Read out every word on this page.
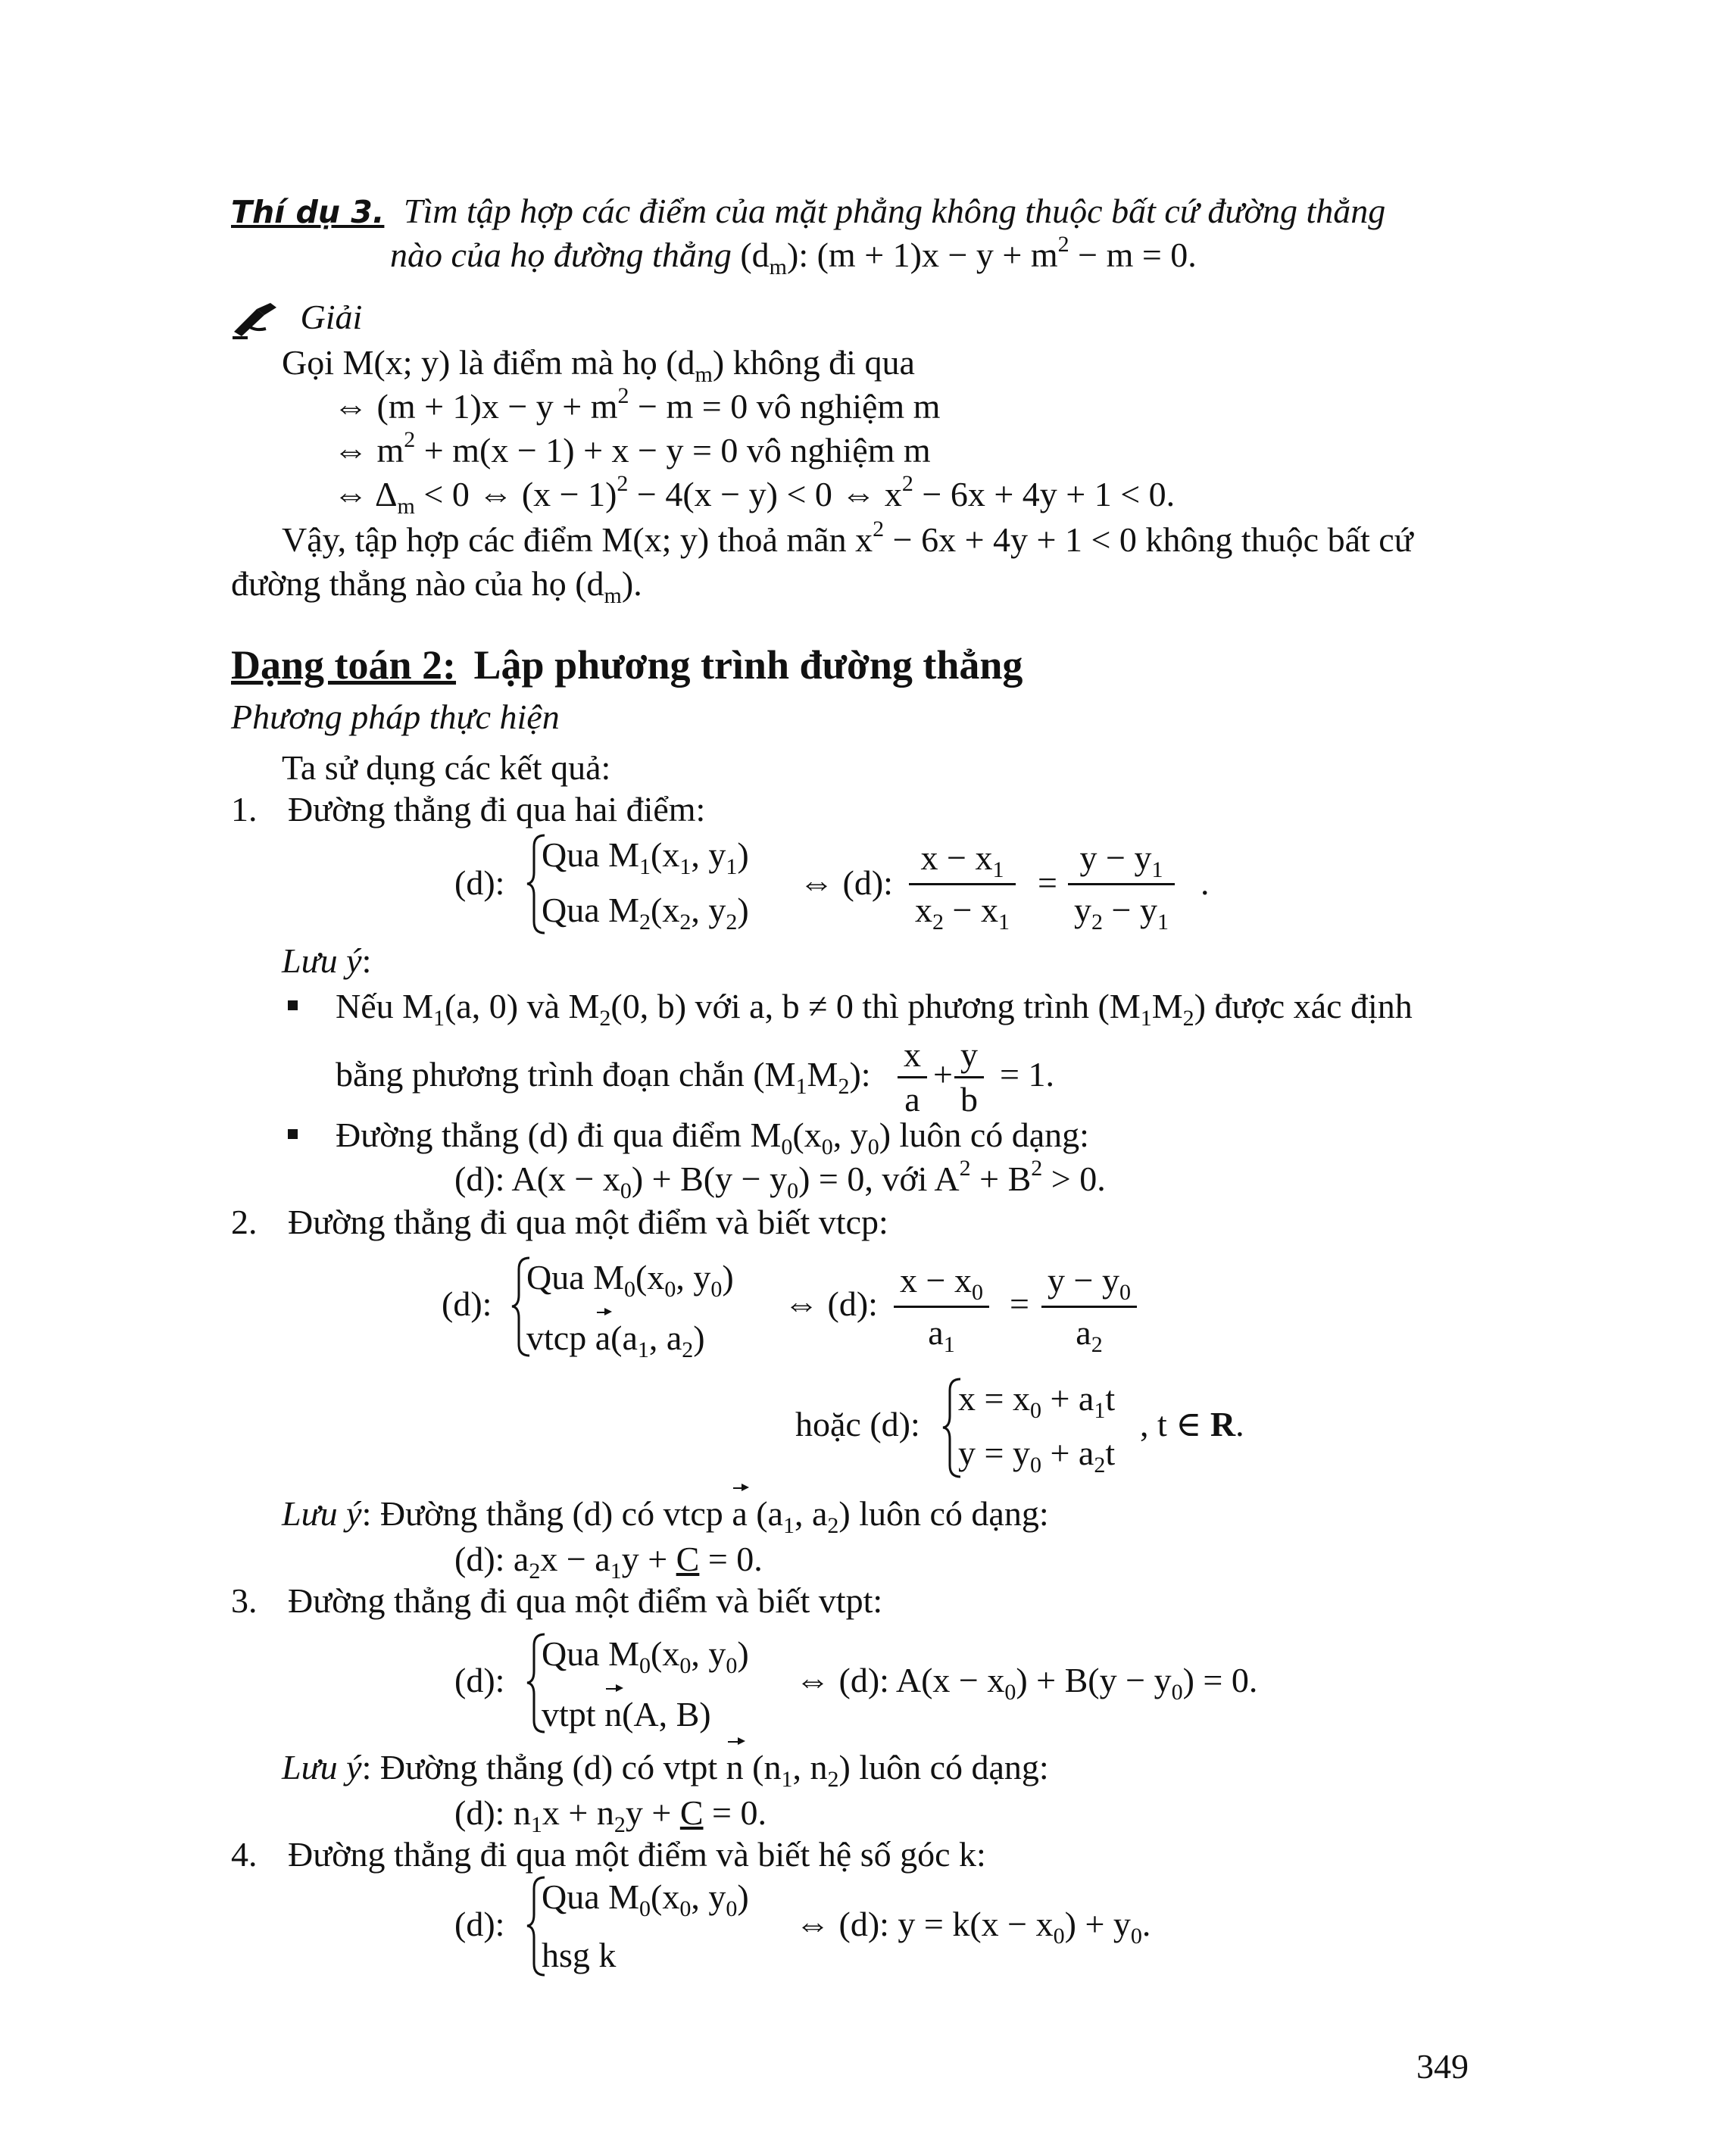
Thí dụ 3. Tìm tập hợp các điểm của mặt phẳng không thuộc bất cứ đường thẳng
nào của họ đường thẳng $(d_m)$: $(m + 1)x - y + m^2 - m = 0$.
Giải
Gọi M(x; y) là điểm mà họ $(d_m)$ không đi qua
⇔ $(m + 1)x - y + m^2 - m = 0$ vô nghiệm m
⇔ $m^2 + m(x - 1) + x - y = 0$ vô nghiệm m
⇔ $\Delta_m < 0$ ⇔ $(x - 1)^2 - 4(x - y) < 0$ ⇔ $x^2 - 6x + 4y + 1 < 0$.
Vậy, tập hợp các điểm M(x; y) thoả mãn $x^2 - 6x + 4y + 1 < 0$ không thuộc bất cứ
đường thẳng nào của họ $(d_m)$.
Dạng toán 2: Lập phương trình đường thẳng
Phương pháp thực hiện
Ta sử dụng các kết quả:
1. Đường thẳng đi qua hai điểm:
(d):
Qua $M_1(x_1$, $y_1$)
Qua $M_2(x_2$, $y_2$)
⇔ (d): $\frac{x - x_1}{x_2 - x_1} = \frac{y - y_1}{y_2 - y_1}$ .
Lưu ý:
Nếu $M_1(a$, 0) và $M_2(0$, b) với a, b ≠ 0 thì phương trình $(M_1M_2)$ được xác định
bằng phương trình đoạn chắn $(M_1M_2)$: $\frac{x}{a} + \frac{y}{b} = 1$.
Đường thẳng (d) đi qua điểm $M_0(x_0$, $y_0$) luôn có dạng:
(d): $A(x - x_0) + B(y - y_0) = 0$, với $A^2 + B^2 > 0$.
2. Đường thẳng đi qua một điểm và biết vtcp:
(d):
Qua $M_0(x_0$, $y_0$)
vtcp $a(a_1$, $a_2$)
⇔ (d): $\frac{x - x_0}{a_1} = \frac{y - y_0}{a_2}$
hoặc (d):
$x = x_0 + a_1t$
$y = y_0 + a_2t$
, t ∈ R.
Lưu ý: Đường thẳng (d) có vtcp a ($a_1$, $a_2$) luôn có dạng:
(d): $a_2x - a_1y + C = 0$.
3. Đường thẳng đi qua một điểm và biết vtpt:
(d):
Qua $M_0(x_0$, $y_0$)
vtpt n(A, B)
⇔ (d): $A(x - x_0) + B(y - y_0) = 0$.
Lưu ý: Đường thẳng (d) có vtpt n ($n_1$, $n_2$) luôn có dạng:
(d): $n_1x + n_2y + C = 0$.
4. Đường thẳng đi qua một điểm và biết hệ số góc k:
(d):
Qua $M_0(x_0$, $y_0$)
hsg k
⇔ (d): $y = k(x - x_0) + y_0$.
349
